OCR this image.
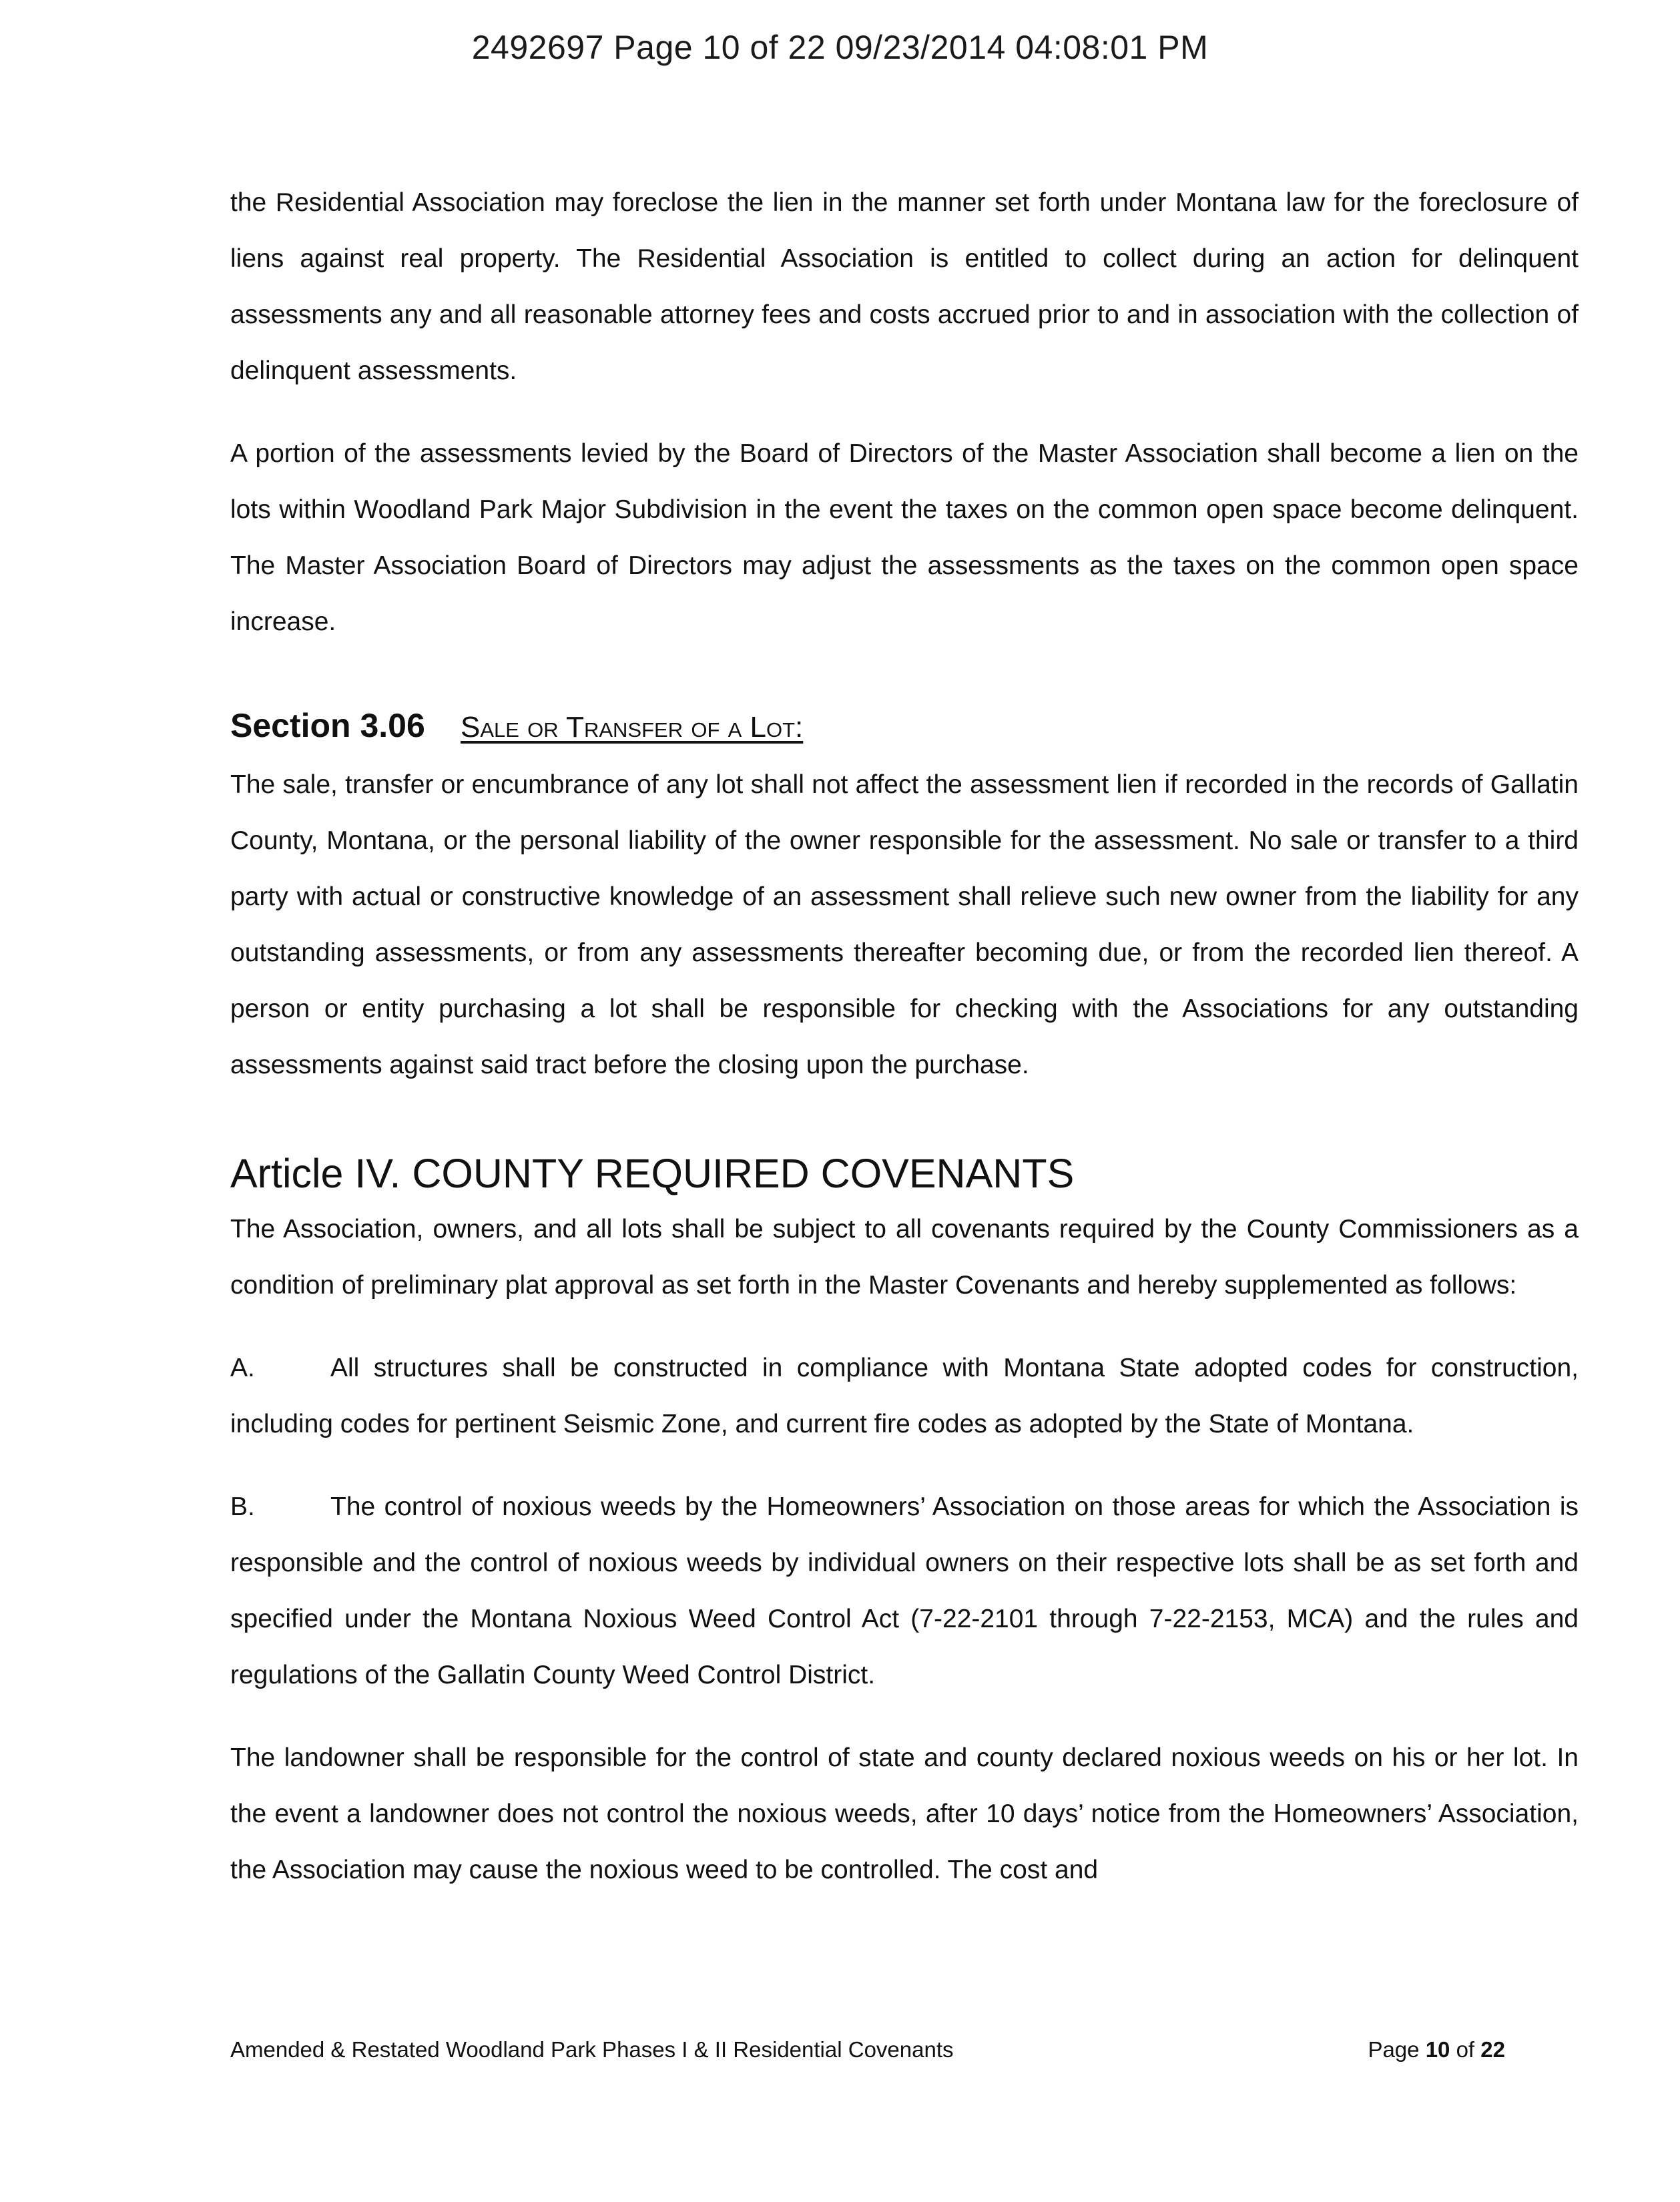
2492697 Page 10 of 22 09/23/2014 04:08:01 PM

the Residential Association may foreclose the lien in the manner set forth under Montana law for the foreclosure of liens against real property. The Residential Association is entitled to collect during an action for delinquent assessments any and all reasonable attorney fees and costs accrued prior to and in association with the collection of delinquent assessments.

A portion of the assessments levied by the Board of Directors of the Master Association shall become a lien on the lots within Woodland Park Major Subdivision in the event the taxes on the common open space become delinquent. The Master Association Board of Directors may adjust the assessments as the taxes on the common open space increase.

Section 3.06	Sale or Transfer of a Lot:

The sale, transfer or encumbrance of any lot shall not affect the assessment lien if recorded in the records of Gallatin County, Montana, or the personal liability of the owner responsible for the assessment. No sale or transfer to a third party with actual or constructive knowledge of an assessment shall relieve such new owner from the liability for any outstanding assessments, or from any assessments thereafter becoming due, or from the recorded lien thereof. A person or entity purchasing a lot shall be responsible for checking with the Associations for any outstanding assessments against said tract before the closing upon the purchase.

Article IV. COUNTY REQUIRED COVENANTS

The Association, owners, and all lots shall be subject to all covenants required by the County Commissioners as a condition of preliminary plat approval as set forth in the Master Covenants and hereby supplemented as follows:

A.	All structures shall be constructed in compliance with Montana State adopted codes for construction, including codes for pertinent Seismic Zone, and current fire codes as adopted by the State of Montana.

B.	The control of noxious weeds by the Homeowners’ Association on those areas for which the Association is responsible and the control of noxious weeds by individual owners on their respective lots shall be as set forth and specified under the Montana Noxious Weed Control Act (7-22-2101 through 7-22-2153, MCA) and the rules and regulations of the Gallatin County Weed Control District.

The landowner shall be responsible for the control of state and county declared noxious weeds on his or her lot. In the event a landowner does not control the noxious weeds, after 10 days’ notice from the Homeowners’ Association, the Association may cause the noxious weed to be controlled. The cost and

Amended & Restated Woodland Park Phases I & II Residential Covenants	Page 10 of 22
